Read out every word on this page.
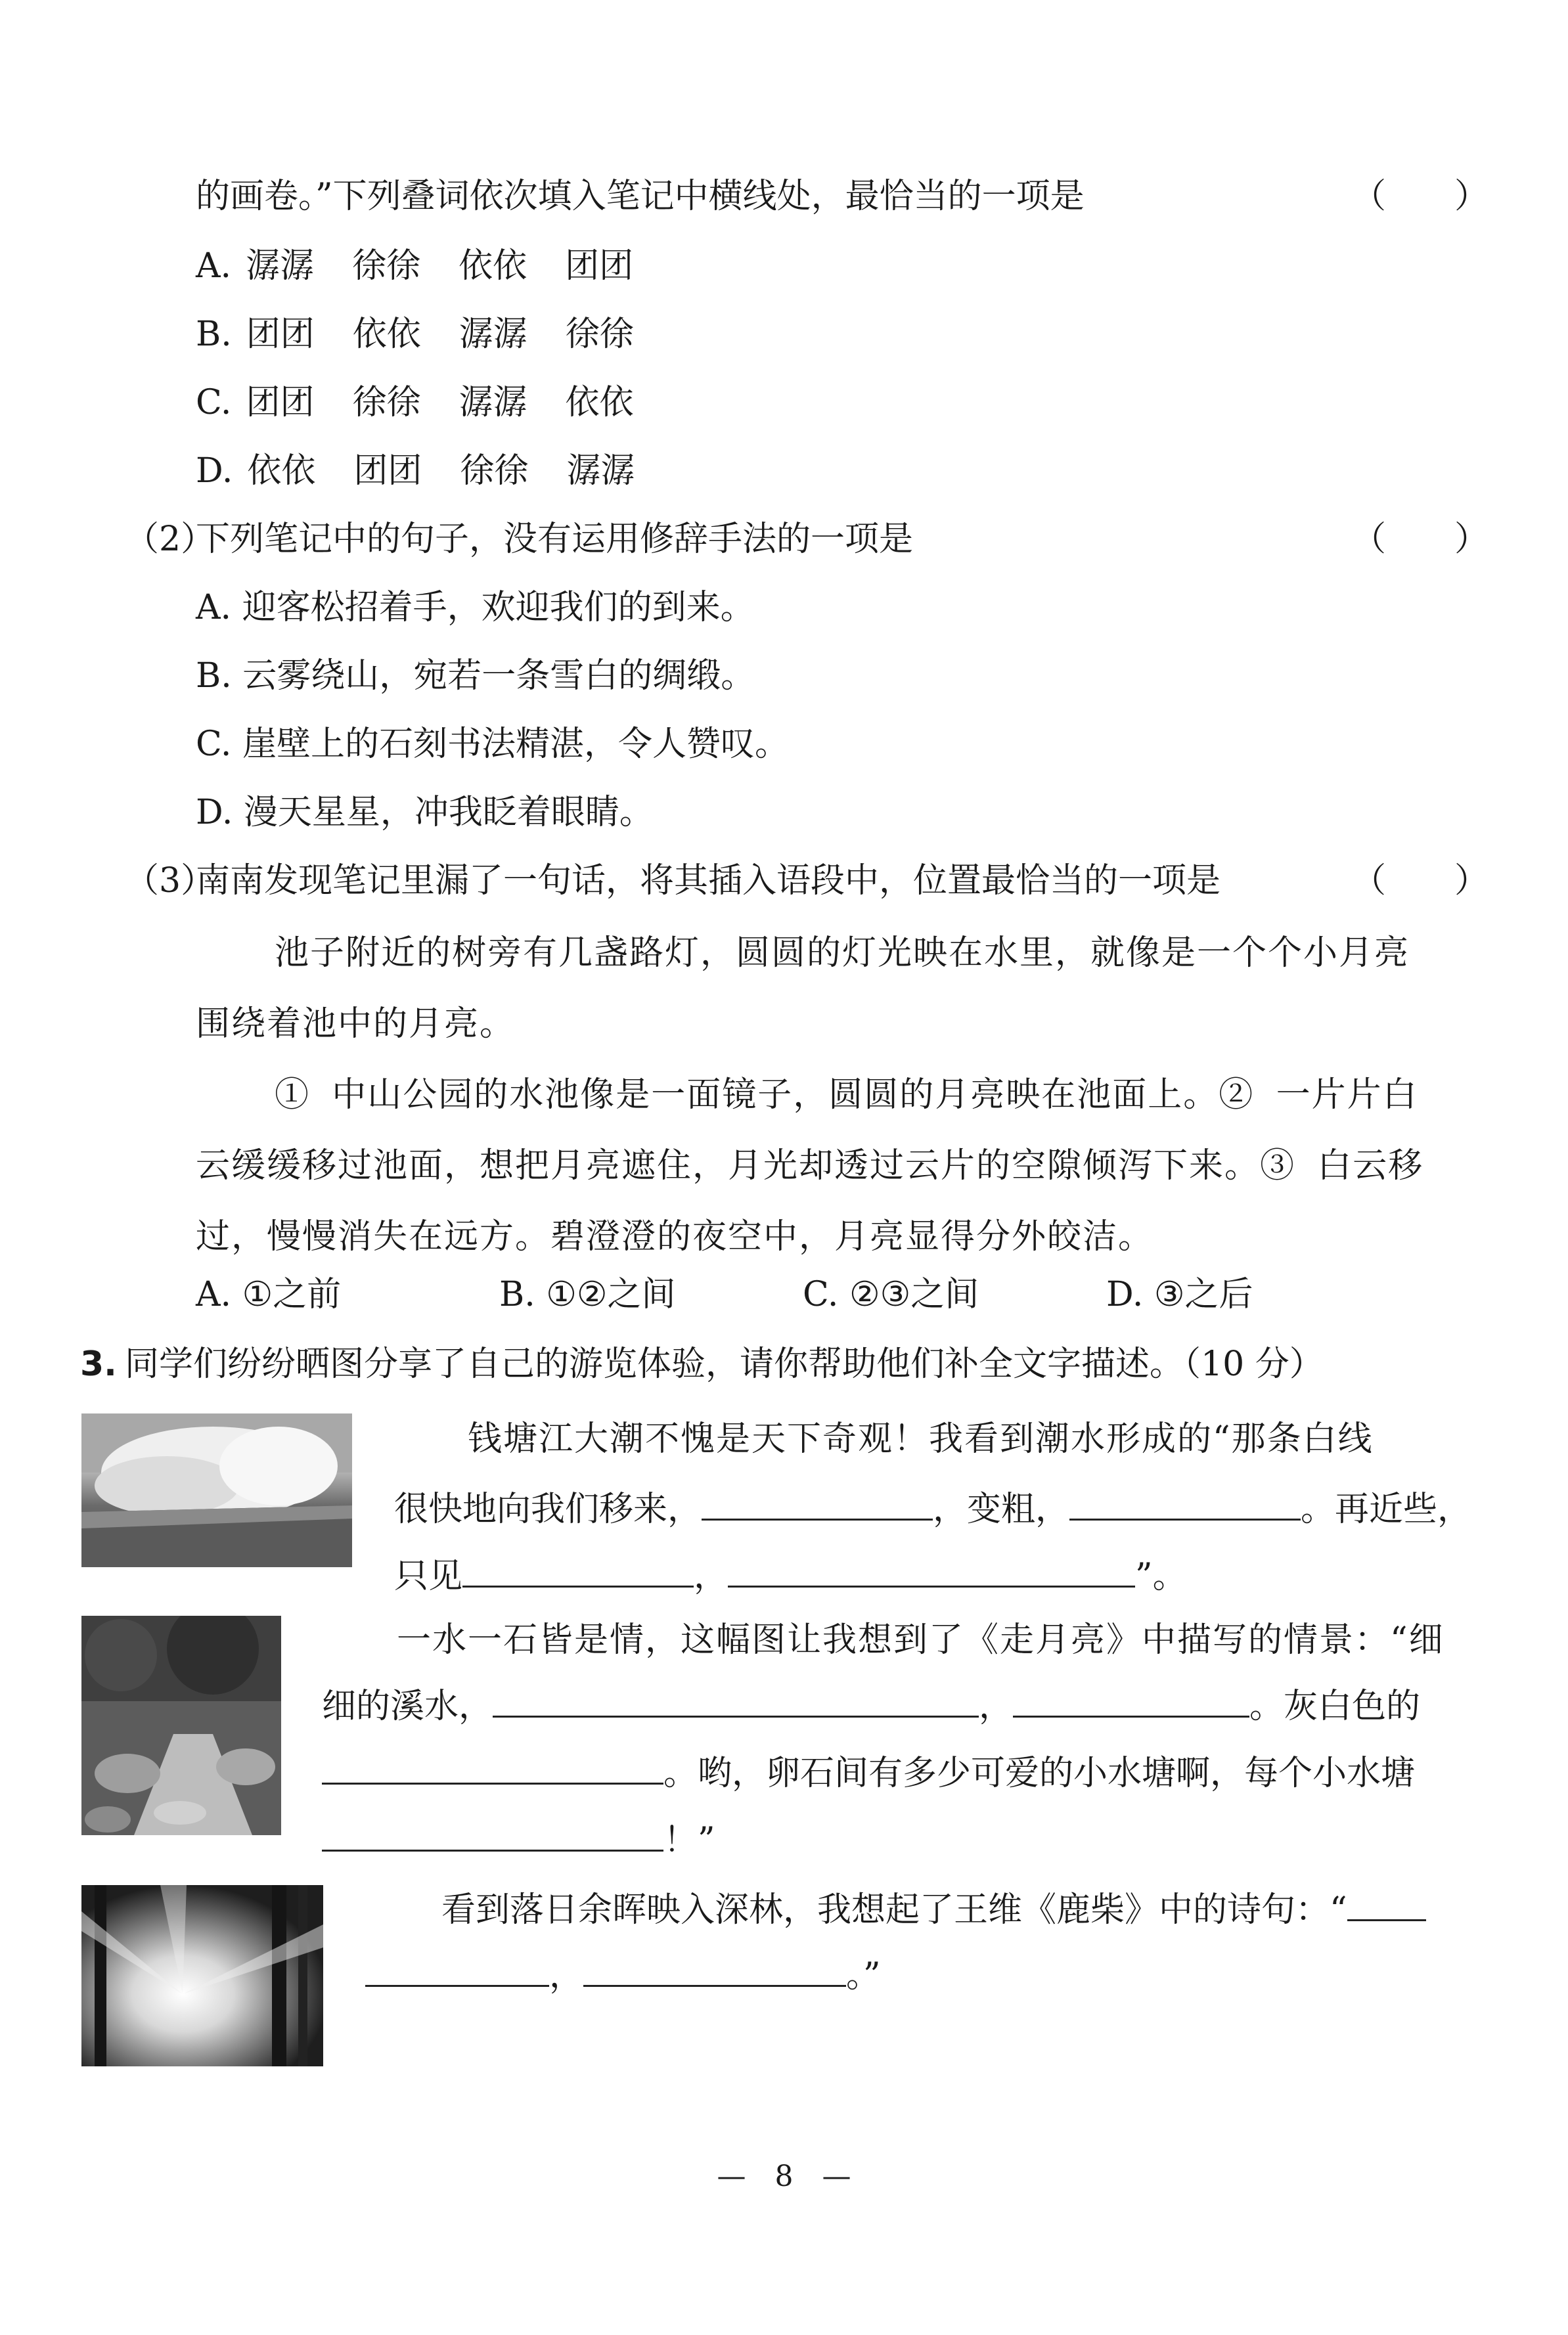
的画卷。”下列叠词依次填入笔记中横线处，最恰当的一项是	（　　）
A. 潺潺 徐徐 依依 团团
B. 团团 依依 潺潺 徐徐
C. 团团 徐徐 潺潺 依依
D. 依依 团团 徐徐 潺潺
（2）
下列笔记中的句子，没有运用修辞手法的一项是	（　　）
A. 迎客松招着手，欢迎我们的到来。
B. 云雾绕山，宛若一条雪白的绸缎。
C. 崖壁上的石刻书法精湛，令人赞叹。
D. 漫天星星，冲我眨着眼睛。
（3）
南南发现笔记里漏了一句话，将其插入语段中，位置最恰当的一项是	（　　）
池子附近的树旁有几盏路灯，圆圆的灯光映在水里，就像是一个个小月亮
围绕着池中的月亮。
① 中山公园的水池像是一面镜子，圆圆的月亮映在池面上。② 一片片白
云缓缓移过池面，想把月亮遮住，月光却透过云片的空隙倾泻下来。③ 白云移
过，慢慢消失在远方。碧澄澄的夜空中，月亮显得分外皎洁。
A. ①之前	B. ①②之间	C. ②③之间	D. ③之后
3. 同学们纷纷晒图分享了自己的游览体验，请你帮助他们补全文字描述。（10 分）
钱塘江大潮不愧是天下奇观！我看到潮水形成的“那条白线
很快地向我们移来，	，变粗，	。再近些，
只见	，	”。
一水一石皆是情，这幅图让我想到了《走月亮》中描写的情景：“细
细的溪水，	，	。灰白色的
。哟，卵石间有多少可爱的小水塘啊，每个小水塘
！”
看到落日余晖映入深林，我想起了王维《鹿柴》中的诗句：“
，	。”
—　8　—
